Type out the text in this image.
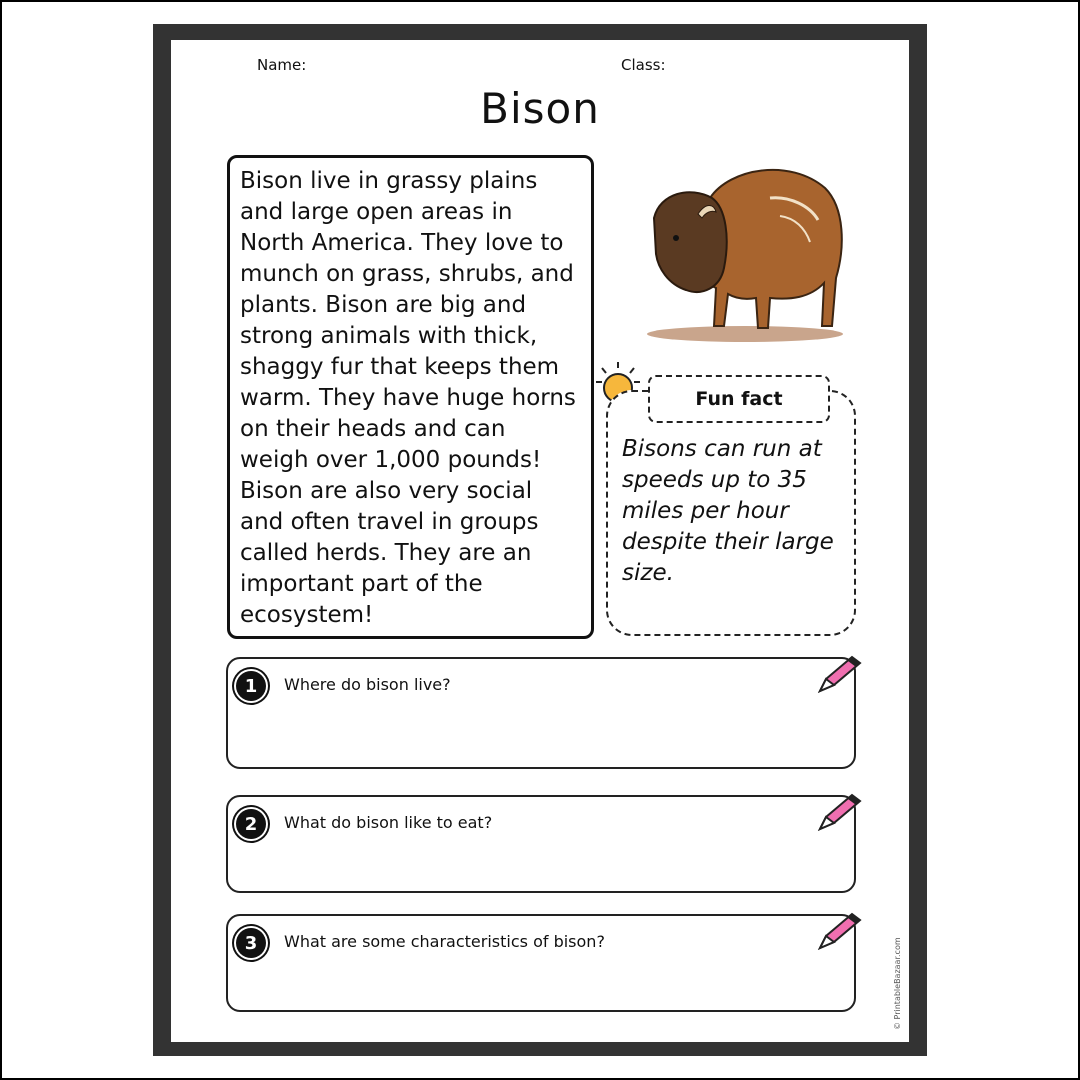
Name:	Class:
Bison

Bison live in grassy plains and large open areas in North America. They love to munch on grass, shrubs, and plants. Bison are big and strong animals with thick, shaggy fur that keeps them warm. They have huge horns on their heads and can weigh over 1,000 pounds! Bison are also very social and often travel in groups called herds. They are an important part of the ecosystem!

Fun fact
Bisons can run at speeds up to 35 miles per hour despite their large size.
1	Where do bison live?
2	What do bison like to eat?
3	What are some characteristics of bison?	© PrintableBazaar.com
